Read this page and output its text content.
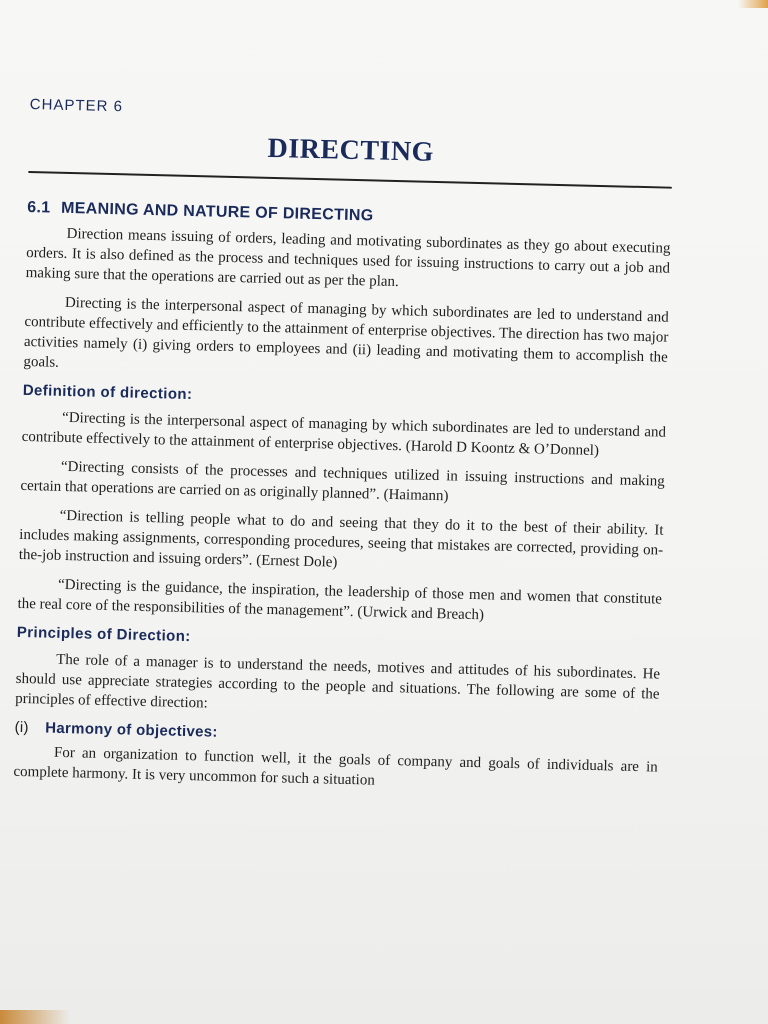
CHAPTER 6
DIRECTING
6.1 MEANING AND NATURE OF DIRECTING

Direction means issuing of orders, leading and motivating subordinates as they go about executing orders. It is also defined as the process and techniques used for issuing instructions to carry out a job and making sure that the operations are carried out as per the plan.

Directing is the interpersonal aspect of managing by which subordinates are led to understand and contribute effectively and efficiently to the attainment of enterprise objectives. The direction has two major activities namely (i) giving orders to employees and (ii) leading and motivating them to accomplish the goals.

Definition of direction:

“Directing is the interpersonal aspect of managing by which subordinates are led to understand and contribute effectively to the attainment of enterprise objectives. (Harold D Koontz & O’Donnel)

“Directing consists of the processes and techniques utilized in issuing instructions and making certain that operations are carried on as originally planned”. (Haimann)

“Direction is telling people what to do and seeing that they do it to the best of their ability. It includes making assignments, corresponding procedures, seeing that mistakes are corrected, providing on-the-job instruction and issuing orders”. (Ernest Dole)

“Directing is the guidance, the inspiration, the leadership of those men and women that constitute the real core of the responsibilities of the management”. (Urwick and Breach)

Principles of Direction:

The role of a manager is to understand the needs, motives and attitudes of his subordinates. He should use appreciate strategies according to the people and situations. The following are some of the principles of effective direction:

(i) Harmony of objectives:

For an organization to function well, it the goals of company and goals of individuals are in complete harmony. It is very uncommon for such a situation
